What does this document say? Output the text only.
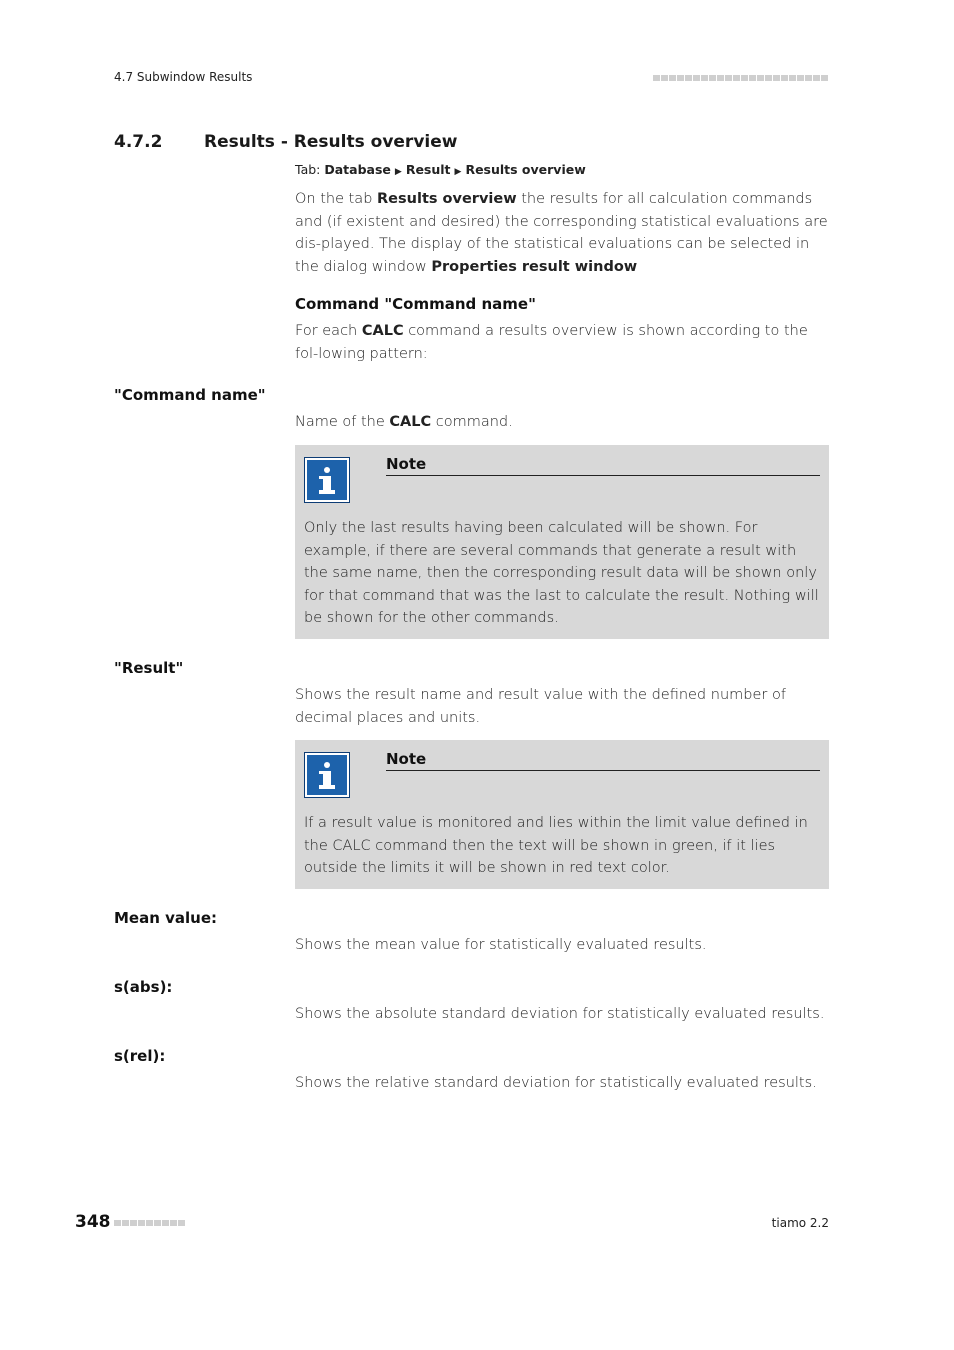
4.7 Subwindow Results
4.7.2 Results - Results overview
Tab: Database ▶ Result ▶ Results overview
On the tab Results overview the results for all calculation commands and (if existent and desired) the corresponding statistical evaluations are dis-played. The display of the statistical evaluations can be selected in the dialog window Properties result window
Command "Command name"
For each CALC command a results overview is shown according to the fol-lowing pattern:
"Command name"
Name of the CALC command.
Note
Only the last results having been calculated will be shown. For example, if there are several commands that generate a result with the same name, then the corresponding result data will be shown only for that command that was the last to calculate the result. Nothing will be shown for the other commands.
"Result"
Shows the result name and result value with the defined number of decimal places and units.
Note
If a result value is monitored and lies within the limit value defined in the CALC command then the text will be shown in green, if it lies outside the limits it will be shown in red text color.
Mean value:
Shows the mean value for statistically evaluated results.
s(abs):
Shows the absolute standard deviation for statistically evaluated results.
s(rel):
Shows the relative standard deviation for statistically evaluated results.
348	tiamo 2.2
